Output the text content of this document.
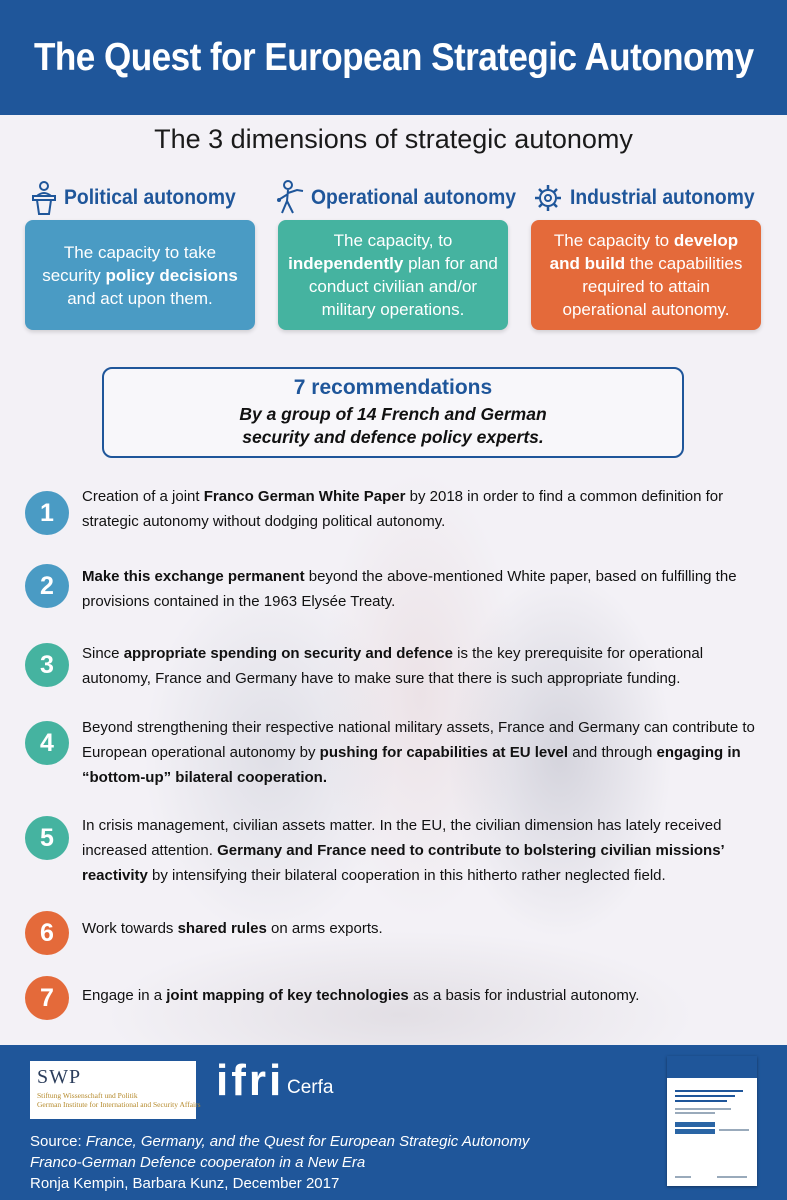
The Quest for European Strategic Autonomy
The 3 dimensions of strategic autonomy
Political autonomy	Operational autonomy	Industrial autonomy
The capacity to take security policy decisions and act upon them.
The capacity, to independently plan for and conduct civilian and/or military operations.
The capacity to develop and build the capabilities required to attain operational autonomy.
7 recommendations
By a group of 14 French and German
security and defence policy experts.
1
Creation of a joint Franco German White Paper by 2018 in order to find a common definition for strategic autonomy without dodging political autonomy.
2	Make this exchange permanent beyond the above-mentioned White paper, based on fulfilling the provisions contained in the 1963 Elysée Treaty.
3	Since appropriate spending on security and defence is the key prerequisite for operational autonomy, France and Germany have to make sure that there is such appropriate funding.
4
Beyond strengthening their respective national military assets, France and Germany can contribute to European operational autonomy by pushing for capabilities at EU level and through engaging in “bottom-up” bilateral cooperation.
5	In crisis management, civilian assets matter. In the EU, the civilian dimension has lately received increased attention. Germany and France need to contribute to bolstering civilian missions’ reactivity by intensifying their bilateral cooperation in this hitherto rather neglected field.
6	Work towards shared rules on arms exports.
7	Engage in a joint mapping of key technologies as a basis for industrial autonomy.
SWP
Stiftung Wissenschaft und Politik
German Institute for International and Security Affairs ifri Cerfa
Source: France, Germany, and the Quest for European Strategic Autonomy
Franco-German Defence cooperaton in a New Era
Ronja Kempin, Barbara Kunz, December 2017
